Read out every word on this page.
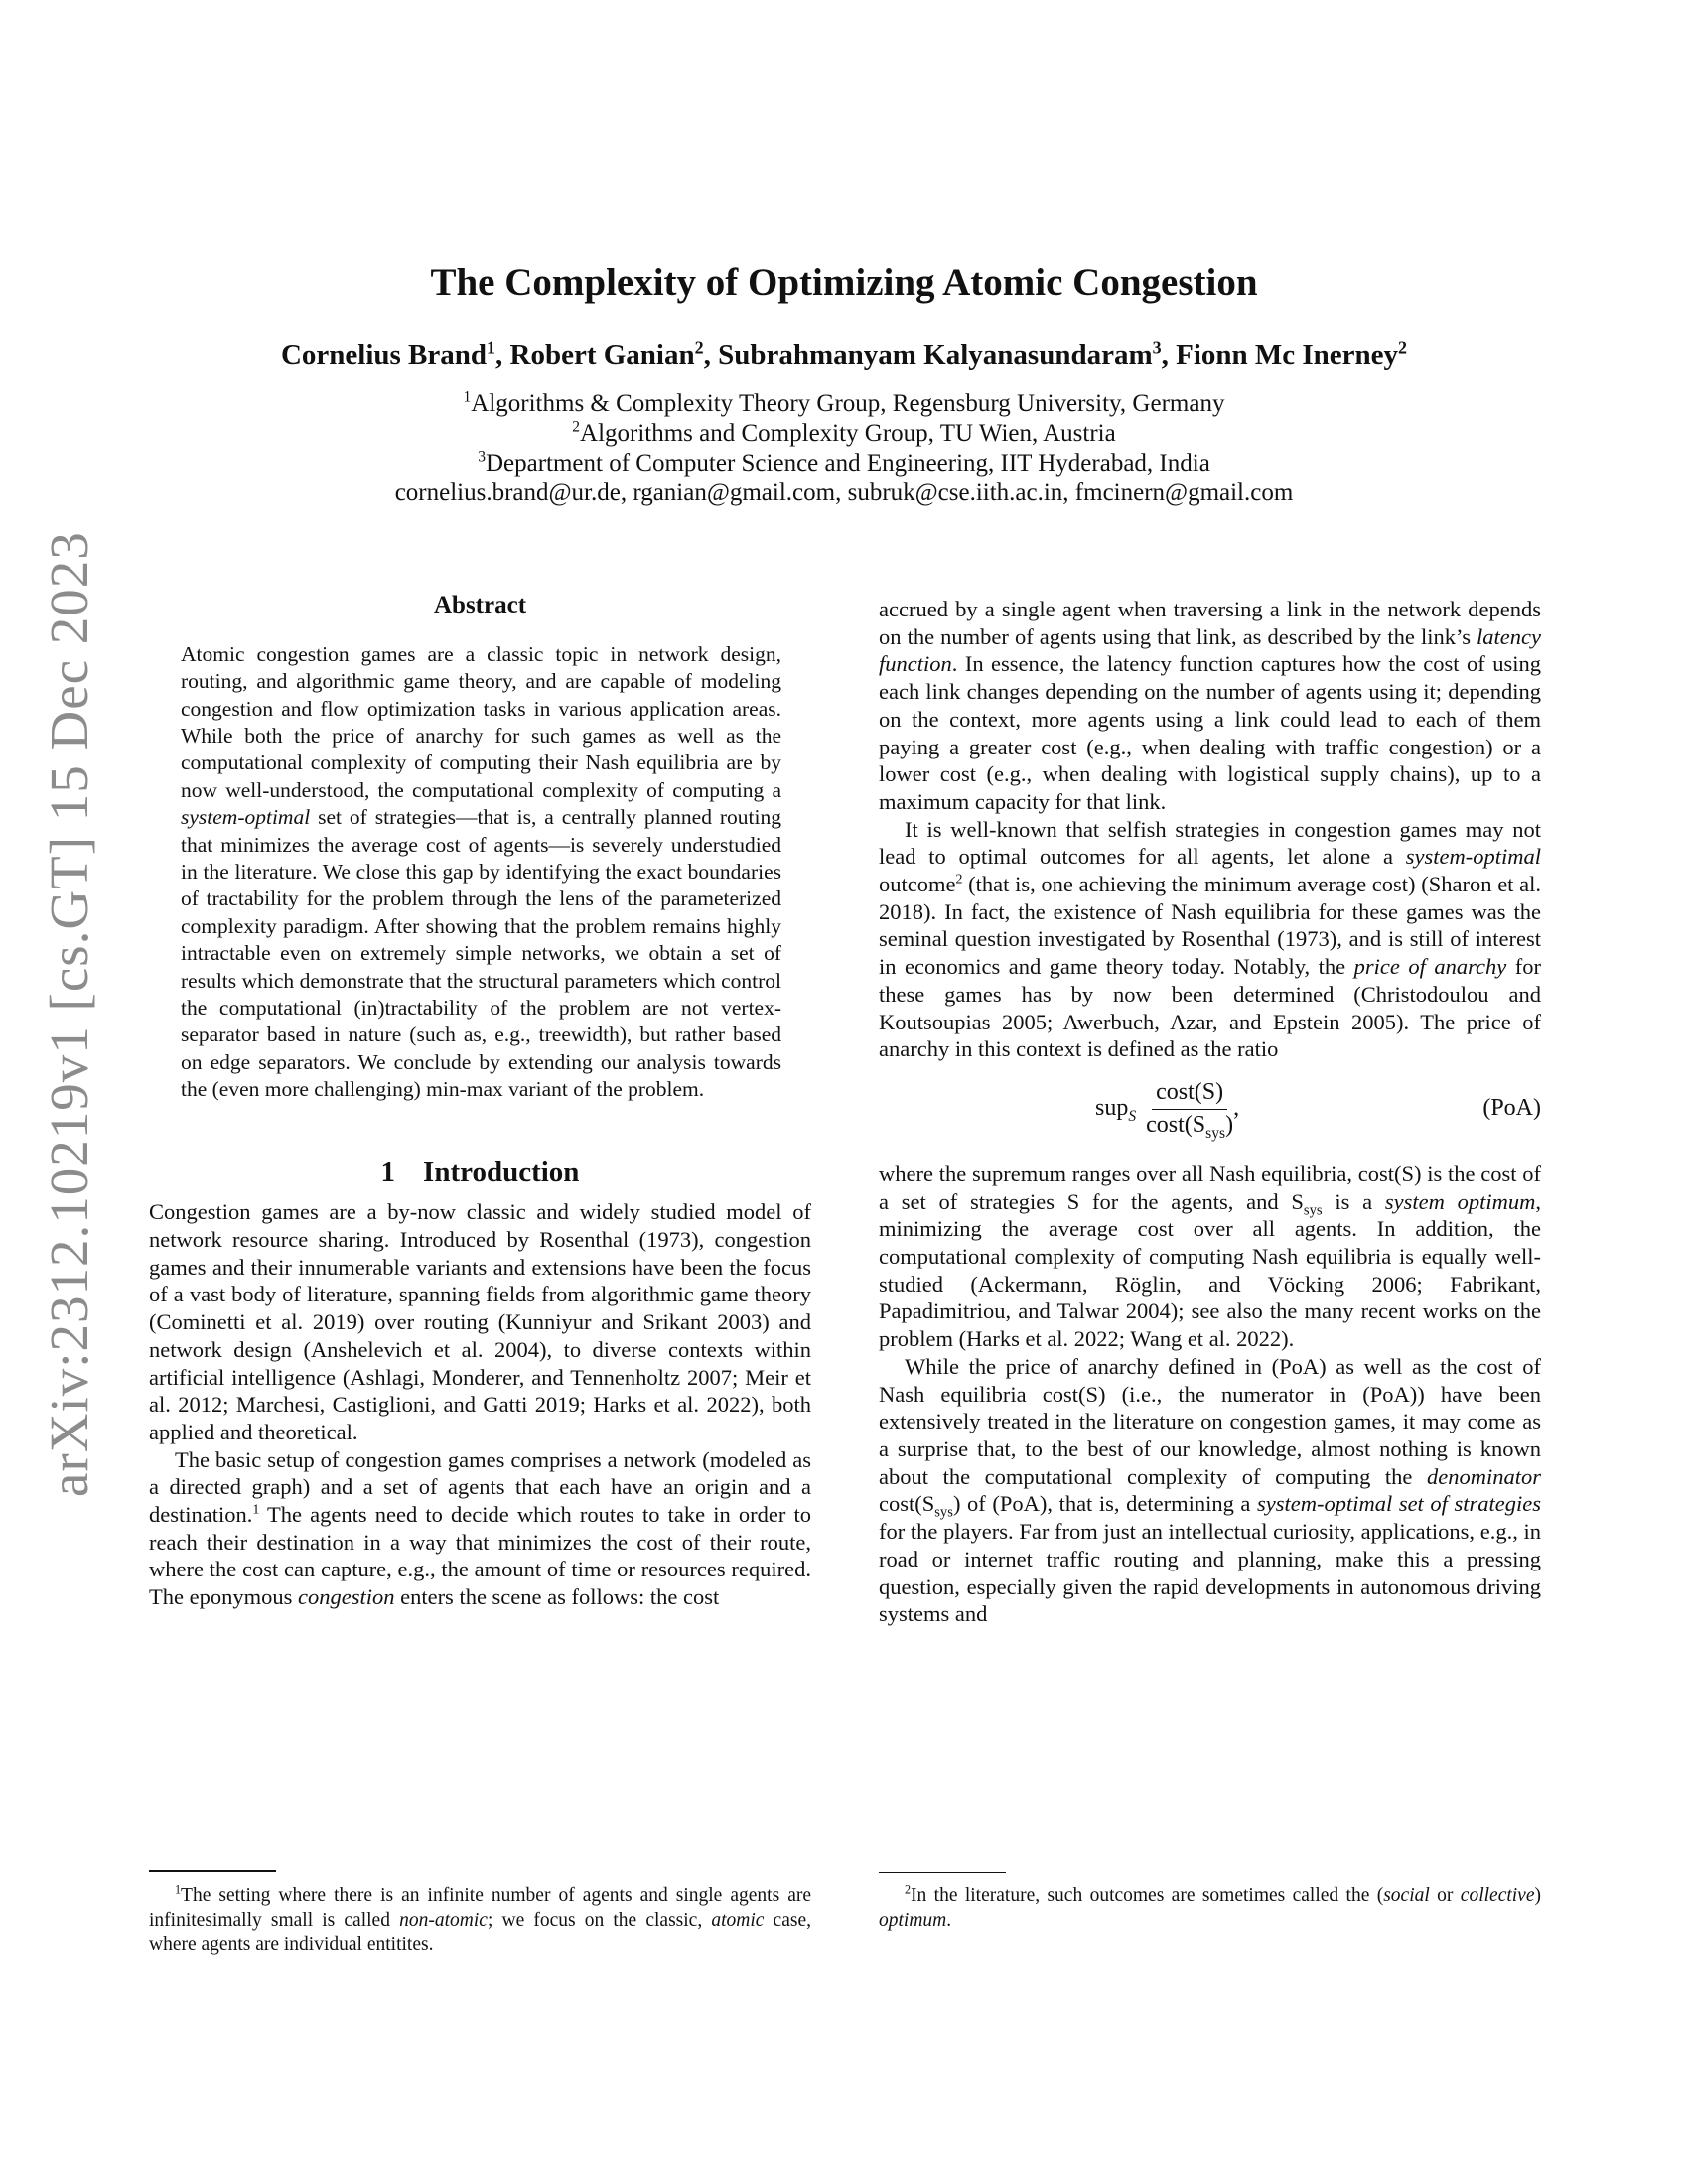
arXiv:2312.10219v1 [cs.GT] 15 Dec 2023
The Complexity of Optimizing Atomic Congestion
Cornelius Brand$^1$, Robert Ganian$^2$, Subrahmanyam Kalyanasundaram$^3$, Fionn Mc Inerney$^2$
$^1$Algorithms & Complexity Theory Group, Regensburg University, Germany
$^2$Algorithms and Complexity Group, TU Wien, Austria
$^3$Department of Computer Science and Engineering, IIT Hyderabad, India
cornelius.brand@ur.de, rganian@gmail.com, subruk@cse.iith.ac.in, fmcinern@gmail.com
Abstract

Atomic congestion games are a classic topic in network design, routing, and algorithmic game theory, and are capable of modeling congestion and flow optimization tasks in various application areas. While both the price of anarchy for such games as well as the computational complexity of computing their Nash equilibria are by now well-understood, the computational complexity of computing a system-optimal set of strategies—that is, a centrally planned routing that minimizes the average cost of agents—is severely understudied in the literature. We close this gap by identifying the exact boundaries of tractability for the problem through the lens of the parameterized complexity paradigm. After showing that the problem remains highly intractable even on extremely simple networks, we obtain a set of results which demonstrate that the structural parameters which control the computational (in)tractability of the problem are not vertex-separator based in nature (such as, e.g., treewidth), but rather based on edge separators. We conclude by extending our analysis towards the (even more challenging) min-max variant of the problem.

1 Introduction

Congestion games are a by-now classic and widely studied model of network resource sharing. Introduced by Rosenthal (1973), congestion games and their innumerable variants and extensions have been the focus of a vast body of literature, spanning fields from algorithmic game theory (Cominetti et al. 2019) over routing (Kunniyur and Srikant 2003) and network design (Anshelevich et al. 2004), to diverse contexts within artificial intelligence (Ashlagi, Monderer, and Tennenholtz 2007; Meir et al. 2012; Marchesi, Castiglioni, and Gatti 2019; Harks et al. 2022), both applied and theoretical.

The basic setup of congestion games comprises a network (modeled as a directed graph) and a set of agents that each have an origin and a destination.$^1$ The agents need to decide which routes to take in order to reach their destination in a way that minimizes the cost of their route, where the cost can capture, e.g., the amount of time or resources required. The eponymous congestion enters the scene as follows: the cost

$^1$The setting where there is an infinite number of agents and single agents are infinitesimally small is called non-atomic; we focus on the classic, atomic case, where agents are individual entitites.

accrued by a single agent when traversing a link in the network depends on the number of agents using that link, as described by the link’s latency function. In essence, the latency function captures how the cost of using each link changes depending on the number of agents using it; depending on the context, more agents using a link could lead to each of them paying a greater cost (e.g., when dealing with traffic congestion) or a lower cost (e.g., when dealing with logistical supply chains), up to a maximum capacity for that link.

It is well-known that selfish strategies in congestion games may not lead to optimal outcomes for all agents, let alone a system-optimal outcome$^2$ (that is, one achieving the minimum average cost) (Sharon et al. 2018). In fact, the existence of Nash equilibria for these games was the seminal question investigated by Rosenthal (1973), and is still of interest in economics and game theory today. Notably, the price of anarchy for these games has by now been determined (Christodoulou and Koutsoupias 2005; Awerbuch, Azar, and Epstein 2005). The price of anarchy in this context is defined as the ratio

$sup_S \frac{\cos t(S)}{\cos t(S_{sys})}$ ,	(PoA)

where the supremum ranges over all Nash equilibria, cost(S) is the cost of a set of strategies S for the agents, and $S_{sys}$ is a system optimum, minimizing the average cost over all agents. In addition, the computational complexity of computing Nash equilibria is equally well-studied (Ackermann, Röglin, and Vöcking 2006; Fabrikant, Papadimitriou, and Talwar 2004); see also the many recent works on the problem (Harks et al. 2022; Wang et al. 2022).

While the price of anarchy defined in (PoA) as well as the cost of Nash equilibria cost(S) (i.e., the numerator in (PoA)) have been extensively treated in the literature on congestion games, it may come as a surprise that, to the best of our knowledge, almost nothing is known about the computational complexity of computing the denominator $\cos t(S_{sys})$ of (PoA), that is, determining a system-optimal set of strategies for the players. Far from just an intellectual curiosity, applications, e.g., in road or internet traffic routing and planning, make this a pressing question, especially given the rapid developments in autonomous driving systems and

$^2$In the literature, such outcomes are sometimes called the (social or collective) optimum.
